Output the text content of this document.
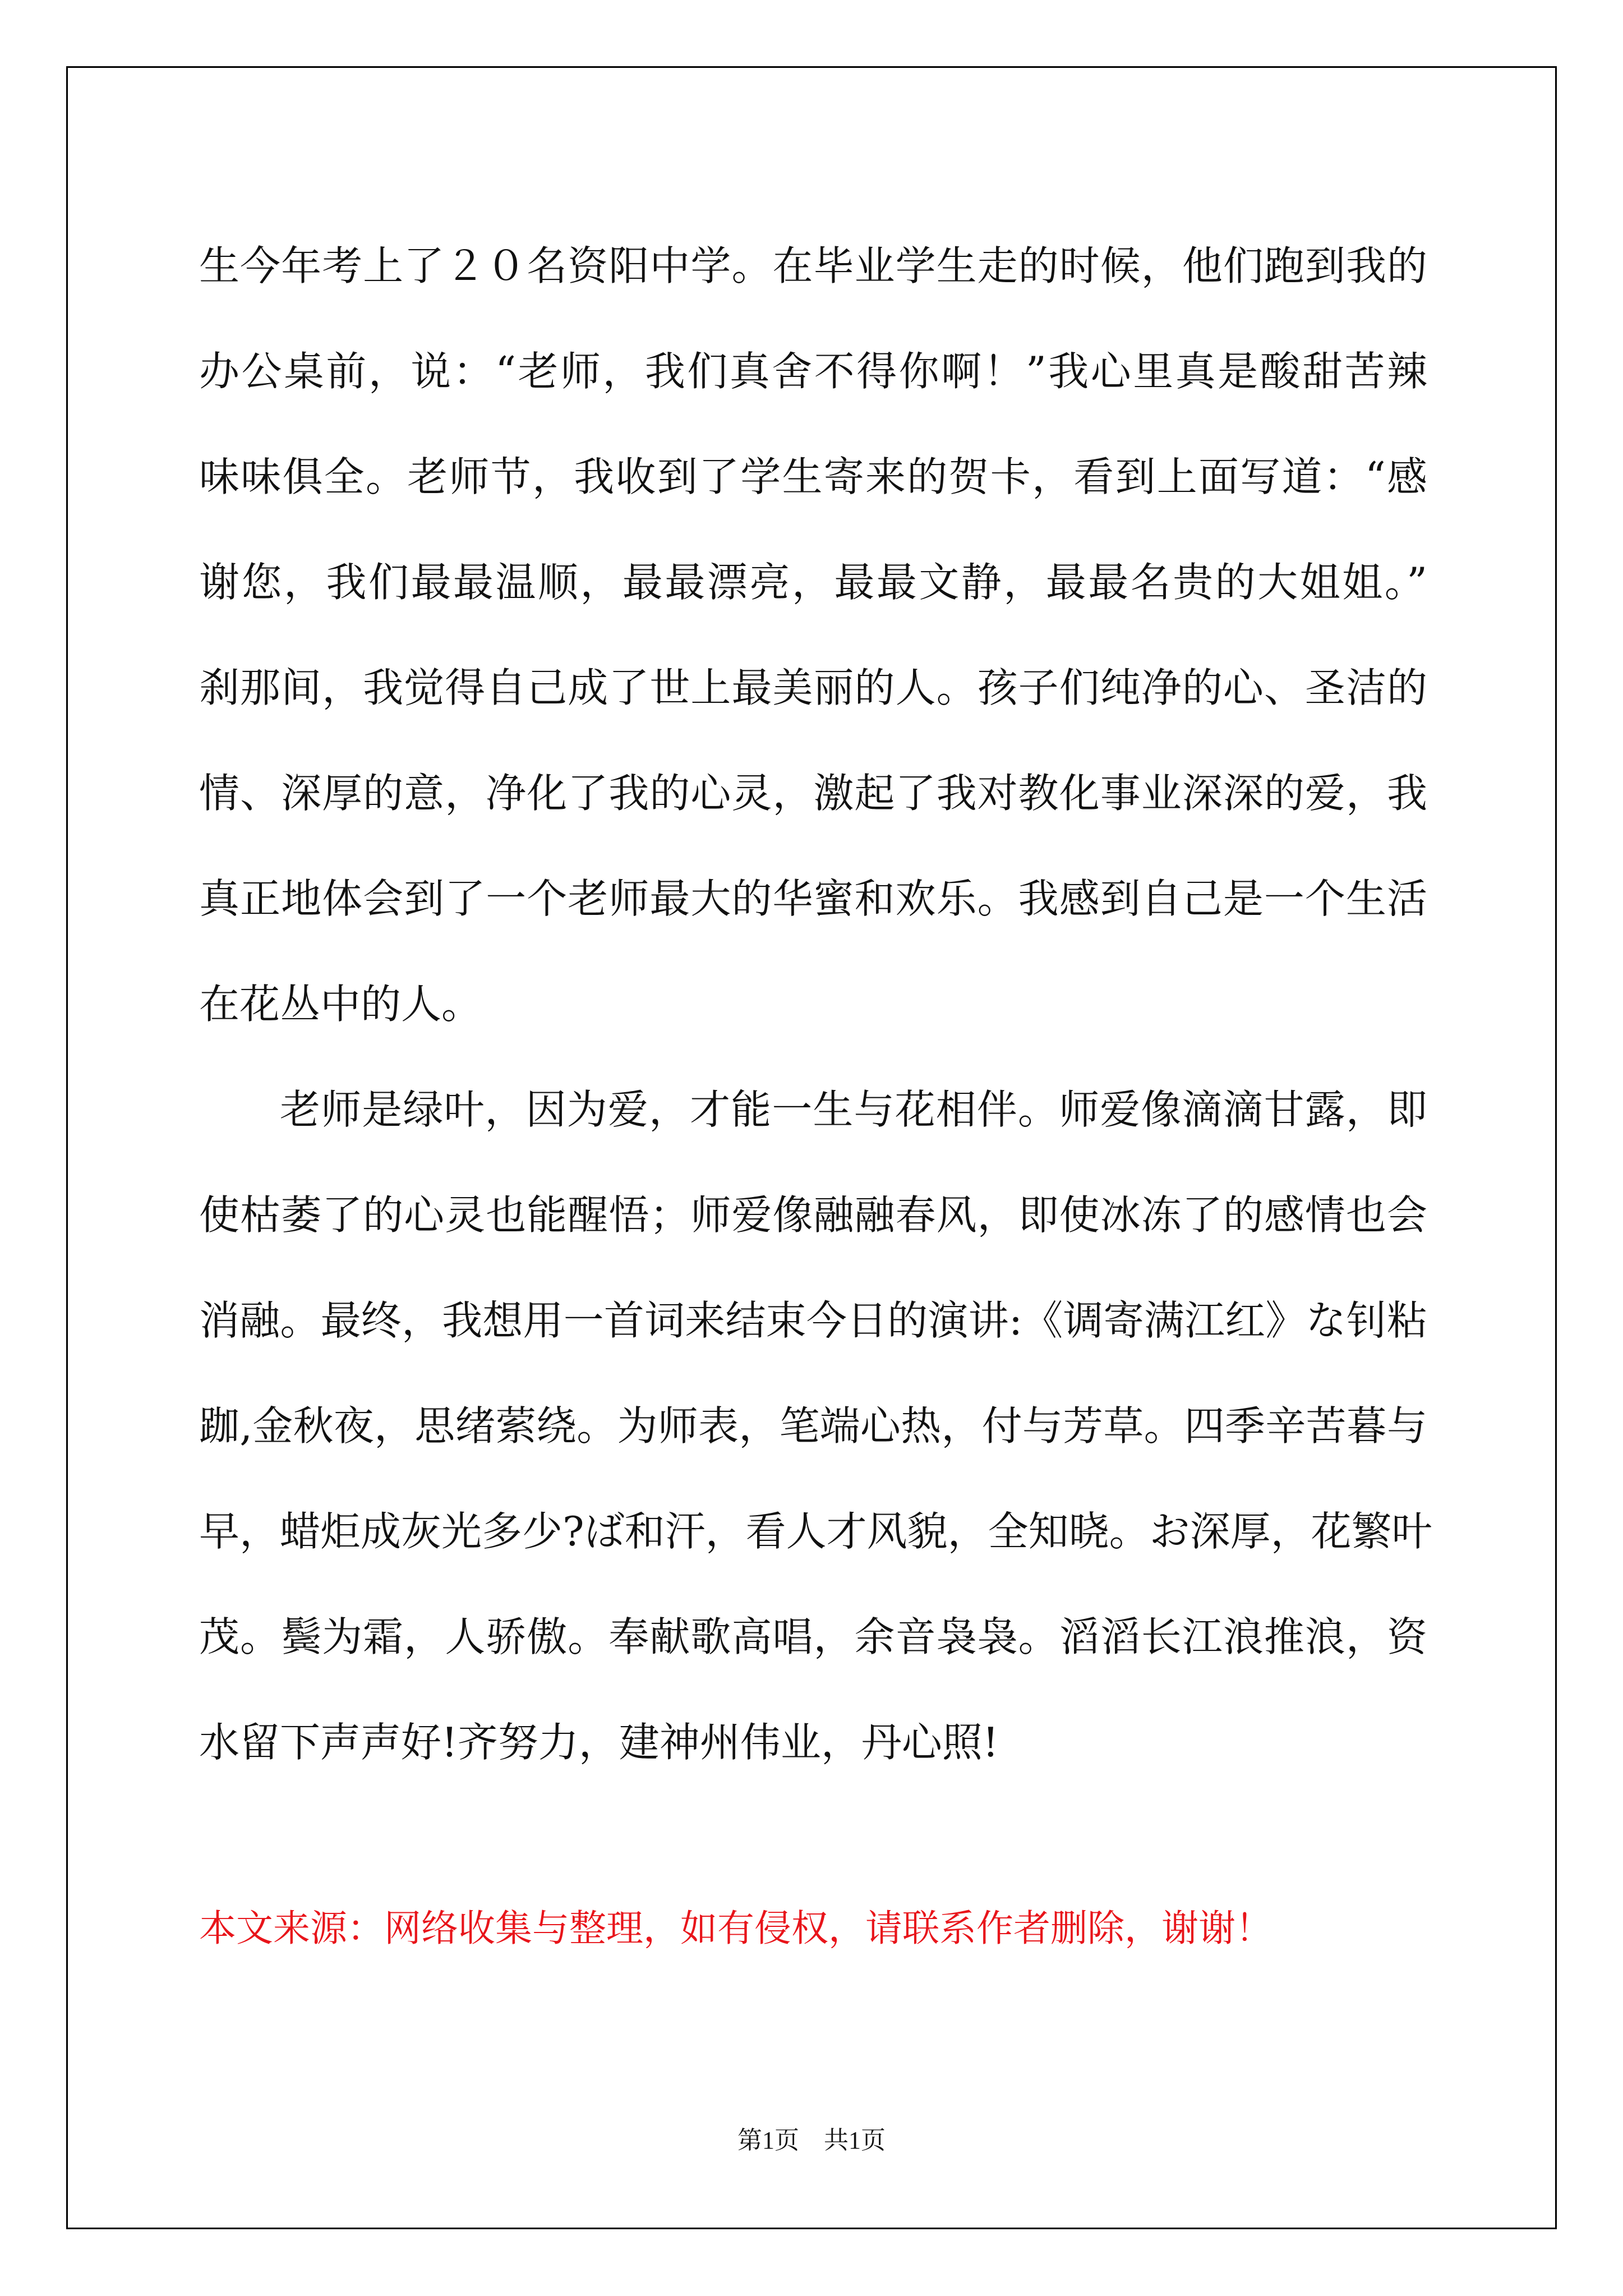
生今年考上了２０名资阳中学。在毕业学生走的时候，他们跑到我的
办公桌前，说：“老师，我们真舍不得你啊！”我心里真是酸甜苦辣
味味俱全。老师节，我收到了学生寄来的贺卡，看到上面写道：“感
谢您，我们最最温顺，最最漂亮，最最文静，最最名贵的大姐姐。”
刹那间，我觉得自己成了世上最美丽的人。孩子们纯净的心、圣洁的
情、深厚的意，净化了我的心灵，激起了我对教化事业深深的爱，我
真正地体会到了一个老师最大的华蜜和欢乐。我感到自己是一个生活
在花丛中的人。
老师是绿叶，因为爱，才能一生与花相伴。师爱像滴滴甘露，即
使枯萎了的心灵也能醒悟；师爱像融融春风，即使冰冻了的感情也会
消融。最终，我想用一首词来结束今日的演讲:《调寄满江红》な钊粘
跏,金秋夜，思绪萦绕。为师表，笔端心热，付与芳草。四季辛苦暮与
早，蜡炬成灰光多少?ば和汗，看人才风貌，全知晓。お深厚，花繁叶
茂。鬓为霜，人骄傲。奉献歌高唱，余音袅袅。滔滔长江浪推浪，资
水留下声声好!齐努力，建神州伟业，丹心照!
本文来源：网络收集与整理，如有侵权，请联系作者删除，谢谢！
第1页　共1页
